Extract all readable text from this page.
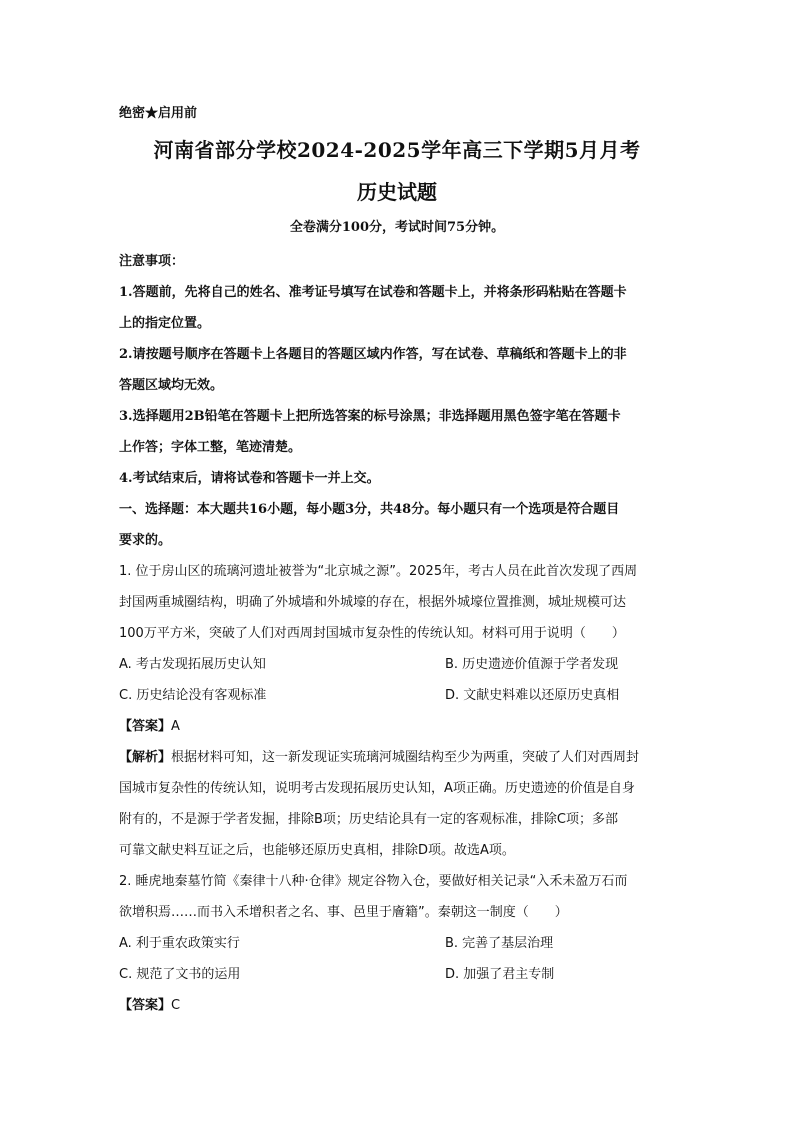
绝密★启用前
河南省部分学校2024-2025学年高三下学期5月月考
历史试题
全卷满分100分，考试时间75分钟。

注意事项：

1.答题前，先将自己的姓名、准考证号填写在试卷和答题卡上，并将条形码粘贴在答题卡

上的指定位置。

2.请按题号顺序在答题卡上各题目的答题区域内作答，写在试卷、草稿纸和答题卡上的非

答题区域均无效。

3.选择题用2B铅笔在答题卡上把所选答案的标号涂黑；非选择题用黑色签字笔在答题卡

上作答；字体工整，笔迹清楚。

4.考试结束后，请将试卷和答题卡一并上交。

一、选择题：本大题共16小题，每小题3分，共48分。每小题只有一个选项是符合题目

要求的。

1. 位于房山区的琉璃河遗址被誉为“北京城之源”。2025年，考古人员在此首次发现了西周

封国两重城圈结构，明确了外城墙和外城壕的存在，根据外城壕位置推测，城址规模可达

100万平方米，突破了人们对西周封国城市复杂性的传统认知。材料可用于说明（　　）

A. 考古发现拓展历史认知	B. 历史遗迹价值源于学者发现
C. 历史结论没有客观标准	D. 文献史料难以还原历史真相

【答案】A

【解析】根据材料可知，这一新发现证实琉璃河城圈结构至少为两重，突破了人们对西周封

国城市复杂性的传统认知，说明考古发现拓展历史认知，A项正确。历史遗迹的价值是自身

附有的，不是源于学者发掘，排除B项；历史结论具有一定的客观标准，排除C项；多部

可靠文献史料互证之后，也能够还原历史真相，排除D项。故选A项。

2. 睡虎地秦墓竹简《秦律十八种·仓律》规定谷物入仓，要做好相关记录“入禾未盈万石而

欲增积焉……而书入禾增积者之名、事、邑里于廥籍”。秦朝这一制度（　　）

A. 利于重农政策实行	B. 完善了基层治理
C. 规范了文书的运用	D. 加强了君主专制

【答案】C
